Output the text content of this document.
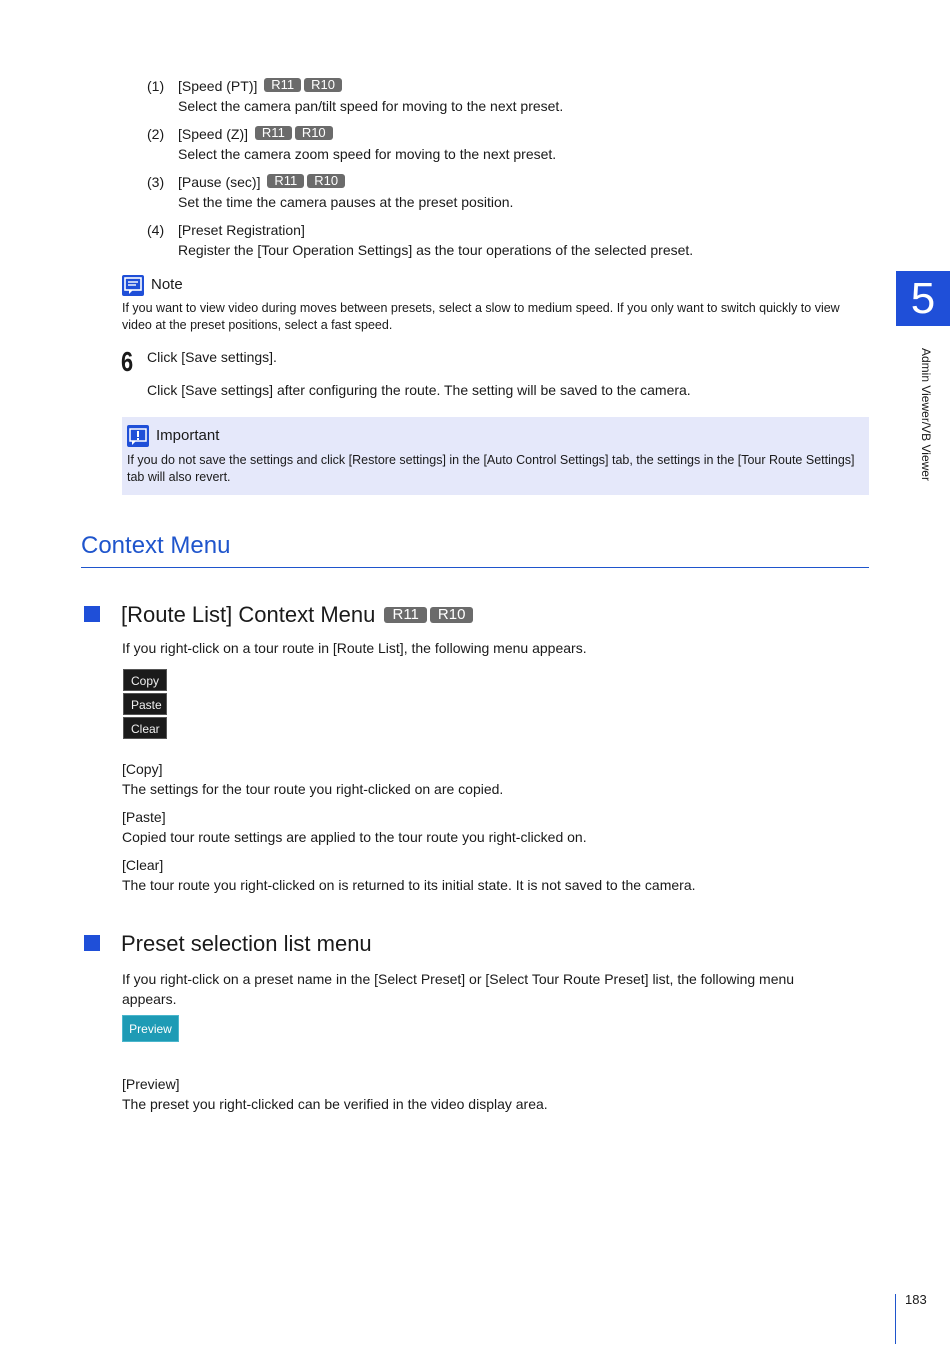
(1) [Speed (PT)] R11 R10
Select the camera pan/tilt speed for moving to the next preset.
(2) [Speed (Z)] R11 R10
Select the camera zoom speed for moving to the next preset.
(3) [Pause (sec)] R11 R10
Set the time the camera pauses at the preset position.
(4) [Preset Registration]
Register the [Tour Operation Settings] as the tour operations of the selected preset.
Note
If you want to view video during moves between presets, select a slow to medium speed. If you only want to switch quickly to view video at the preset positions, select a fast speed.
6 Click [Save settings].
Click [Save settings] after configuring the route. The setting will be saved to the camera.
Important
If you do not save the settings and click [Restore settings] in the [Auto Control Settings] tab, the settings in the [Tour Route Settings] tab will also revert.
Context Menu
[Route List] Context Menu R11 R10
If you right-click on a tour route in [Route List], the following menu appears.
Copy
Paste
Clear
[Copy]
The settings for the tour route you right-clicked on are copied.
[Paste]
Copied tour route settings are applied to the tour route you right-clicked on.
[Clear]
The tour route you right-clicked on is returned to its initial state. It is not saved to the camera.
Preset selection list menu
If you right-click on a preset name in the [Select Preset] or [Select Tour Route Preset] list, the following menu appears.
Preview
[Preview]
The preset you right-clicked can be verified in the video display area.
5
Admin Viewer/VB Viewer
183
